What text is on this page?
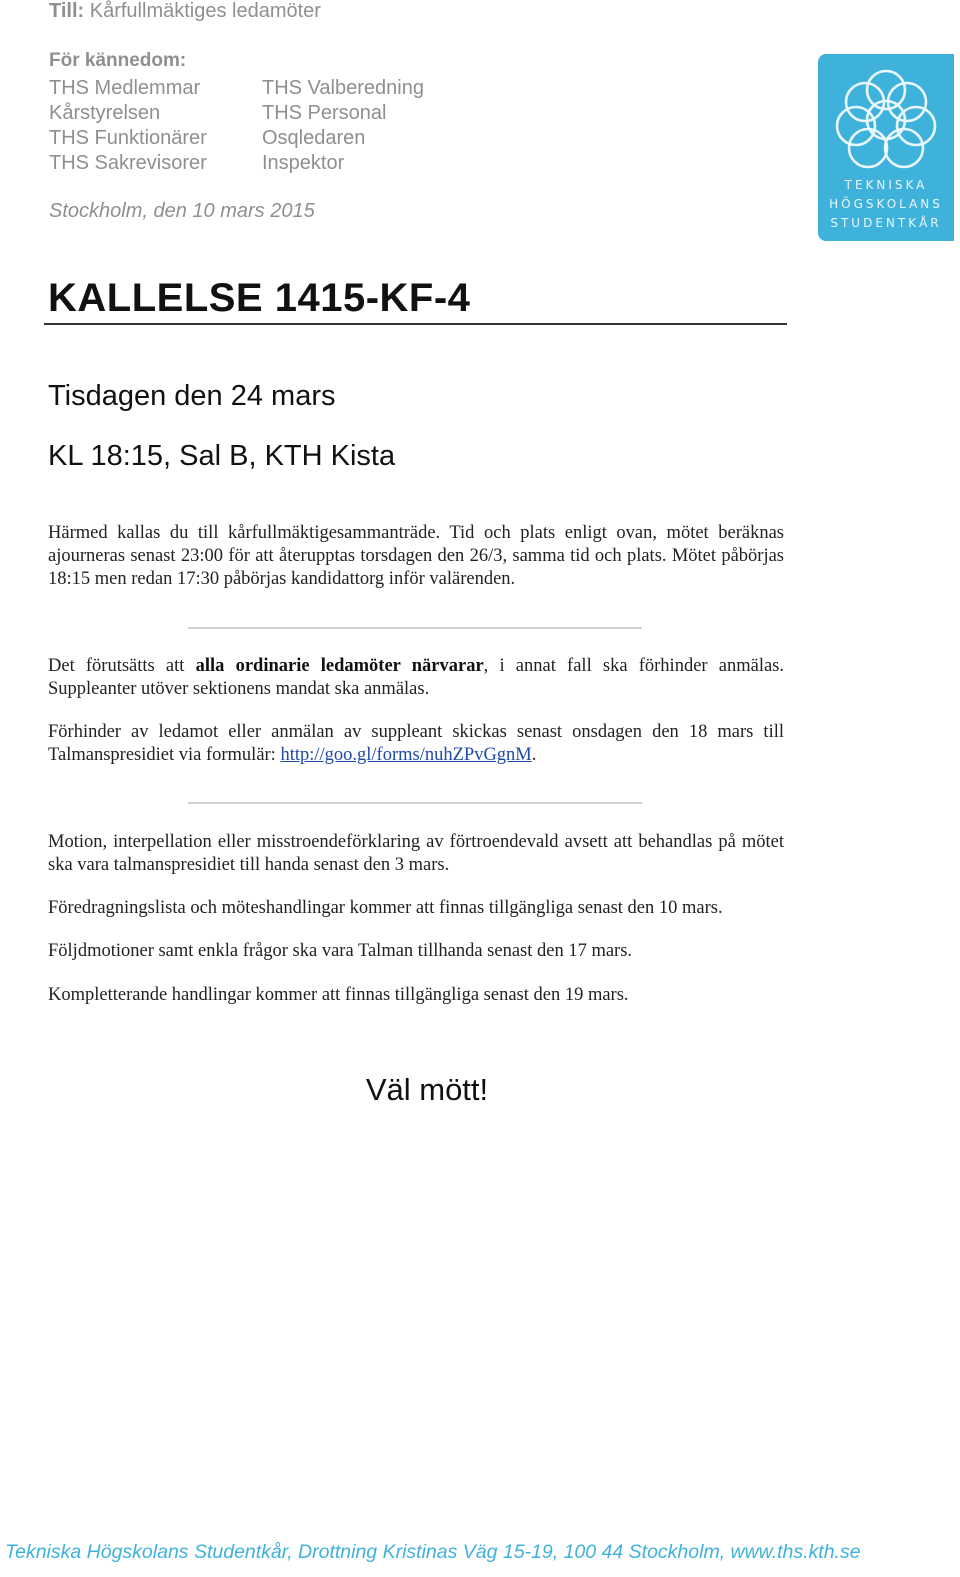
Till: Kårfullmäktiges ledamöter
För kännedom:
THS Medlemmar
Kårstyrelsen
THS Funktionärer
THS Sakrevisorer
THS Valberedning
THS Personal
Osqledaren
Inspektor
Stockholm, den 10 mars 2015
TEKNISKA
HÖGSKOLANS
STUDENTKÅR
KALLELSE 1415-KF-4
Tisdagen den 24 mars
KL 18:15, Sal B, KTH Kista
Härmed kallas du till kårfullmäktigesammanträde. Tid och plats enligt ovan, mötet beräknas ajourneras senast 23:00 för att återupptas torsdagen den 26/3, samma tid och plats. Mötet påbörjas 18:15 men redan 17:30 påbörjas kandidattorg inför valärenden.
Det förutsätts att alla ordinarie ledamöter närvarar, i annat fall ska förhinder anmälas. Suppleanter utöver sektionens mandat ska anmälas.
Förhinder av ledamot eller anmälan av suppleant skickas senast onsdagen den 18 mars till Talmanspresidiet via formulär: http://goo.gl/forms/nuhZPvGgnM.
Motion, interpellation eller misstroendeförklaring av förtroendevald avsett att behandlas på mötet ska vara talmanspresidiet till handa senast den 3 mars.
Föredragningslista och möteshandlingar kommer att finnas tillgängliga senast den 10 mars.
Följdmotioner samt enkla frågor ska vara Talman tillhanda senast den 17 mars.
Kompletterande handlingar kommer att finnas tillgängliga senast den 19 mars.
Väl mött!
Tekniska Högskolans Studentkår, Drottning Kristinas Väg 15-19, 100 44 Stockholm, www.ths.kth.se
